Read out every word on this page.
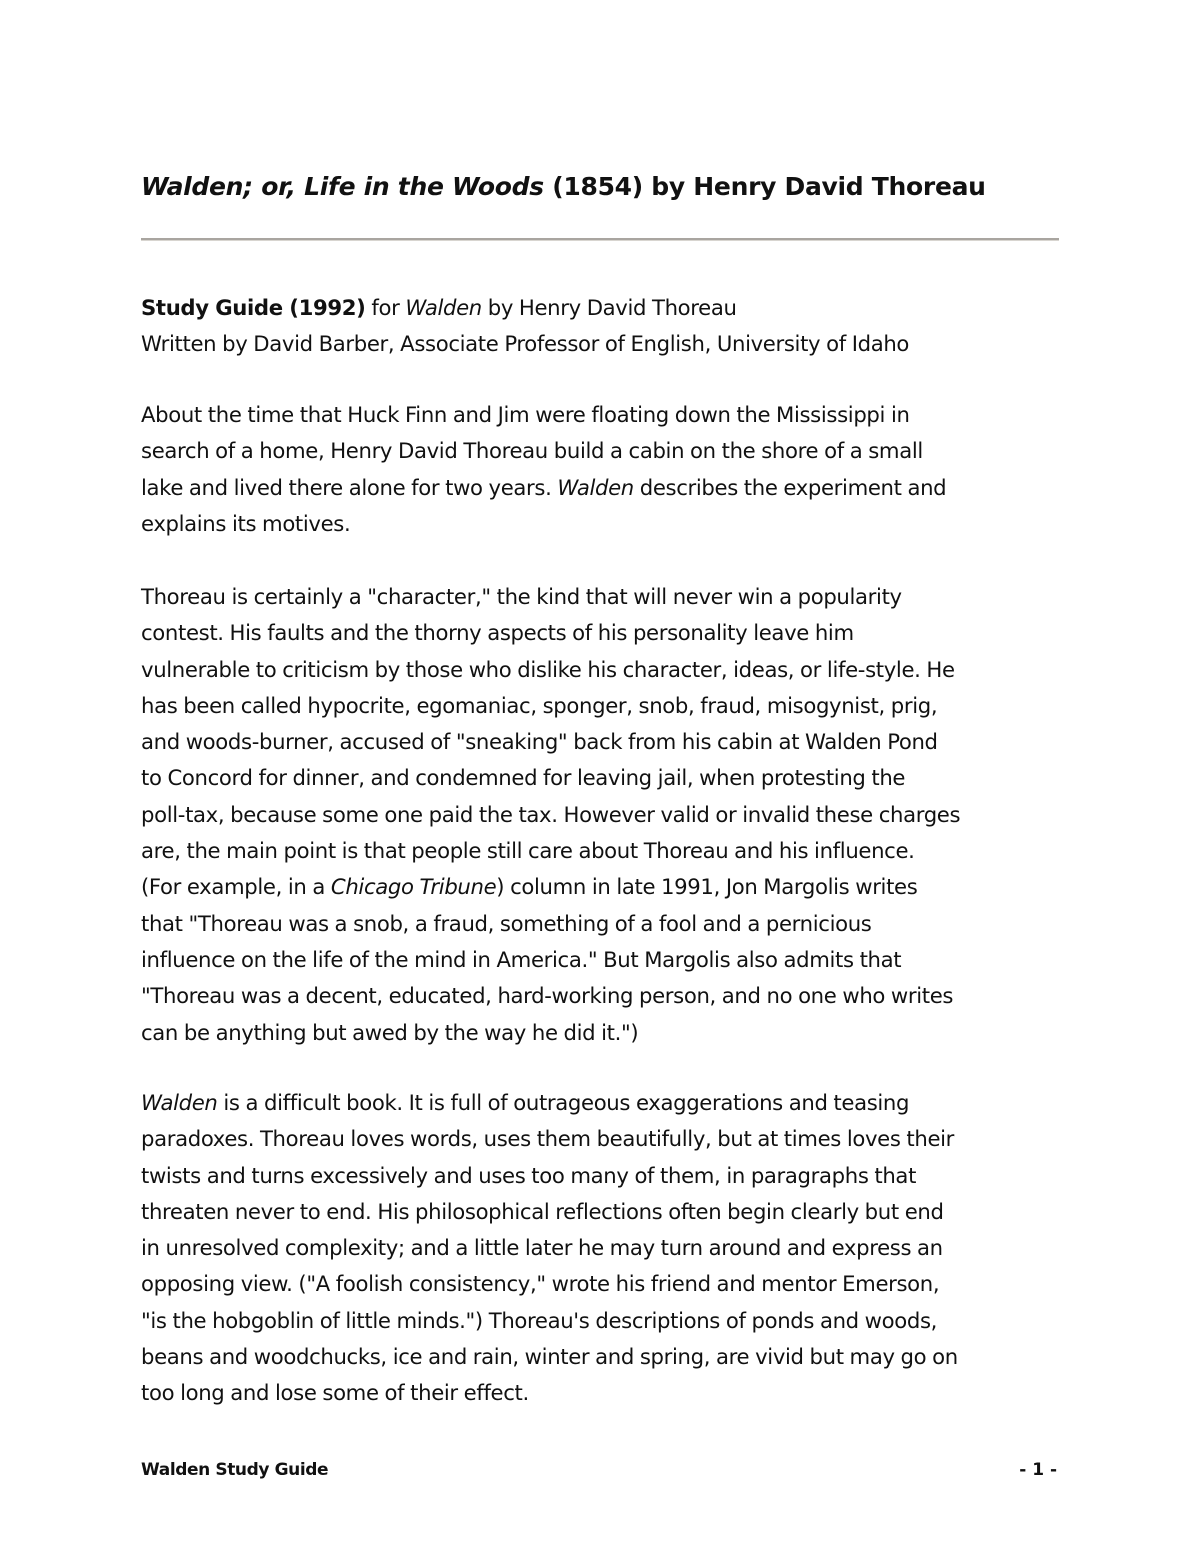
Walden; or, Life in the Woods (1854) by Henry David Thoreau

Study Guide (1992) for Walden by Henry David Thoreau

Written by David Barber, Associate Professor of English, University of Idaho

About the time that Huck Finn and Jim were floating down the Mississippi in
search of a home, Henry David Thoreau build a cabin on the shore of a small
lake and lived there alone for two years. Walden describes the experiment and
explains its motives.

Thoreau is certainly a "character," the kind that will never win a popularity
contest. His faults and the thorny aspects of his personality leave him
vulnerable to criticism by those who dislike his character, ideas, or life-style. He
has been called hypocrite, egomaniac, sponger, snob, fraud, misogynist, prig,
and woods-burner, accused of "sneaking" back from his cabin at Walden Pond
to Concord for dinner, and condemned for leaving jail, when protesting the
poll-tax, because some one paid the tax. However valid or invalid these charges
are, the main point is that people still care about Thoreau and his influence.
(For example, in a Chicago Tribune) column in late 1991, Jon Margolis writes
that "Thoreau was a snob, a fraud, something of a fool and a pernicious
influence on the life of the mind in America." But Margolis also admits that
"Thoreau was a decent, educated, hard-working person, and no one who writes
can be anything but awed by the way he did it.")

Walden is a difficult book. It is full of outrageous exaggerations and teasing
paradoxes. Thoreau loves words, uses them beautifully, but at times loves their
twists and turns excessively and uses too many of them, in paragraphs that
threaten never to end. His philosophical reflections often begin clearly but end
in unresolved complexity; and a little later he may turn around and express an
opposing view. ("A foolish consistency," wrote his friend and mentor Emerson,
"is the hobgoblin of little minds.") Thoreau's descriptions of ponds and woods,
beans and woodchucks, ice and rain, winter and spring, are vivid but may go on
too long and lose some of their effect.

Walden Study Guide	- 1 -
